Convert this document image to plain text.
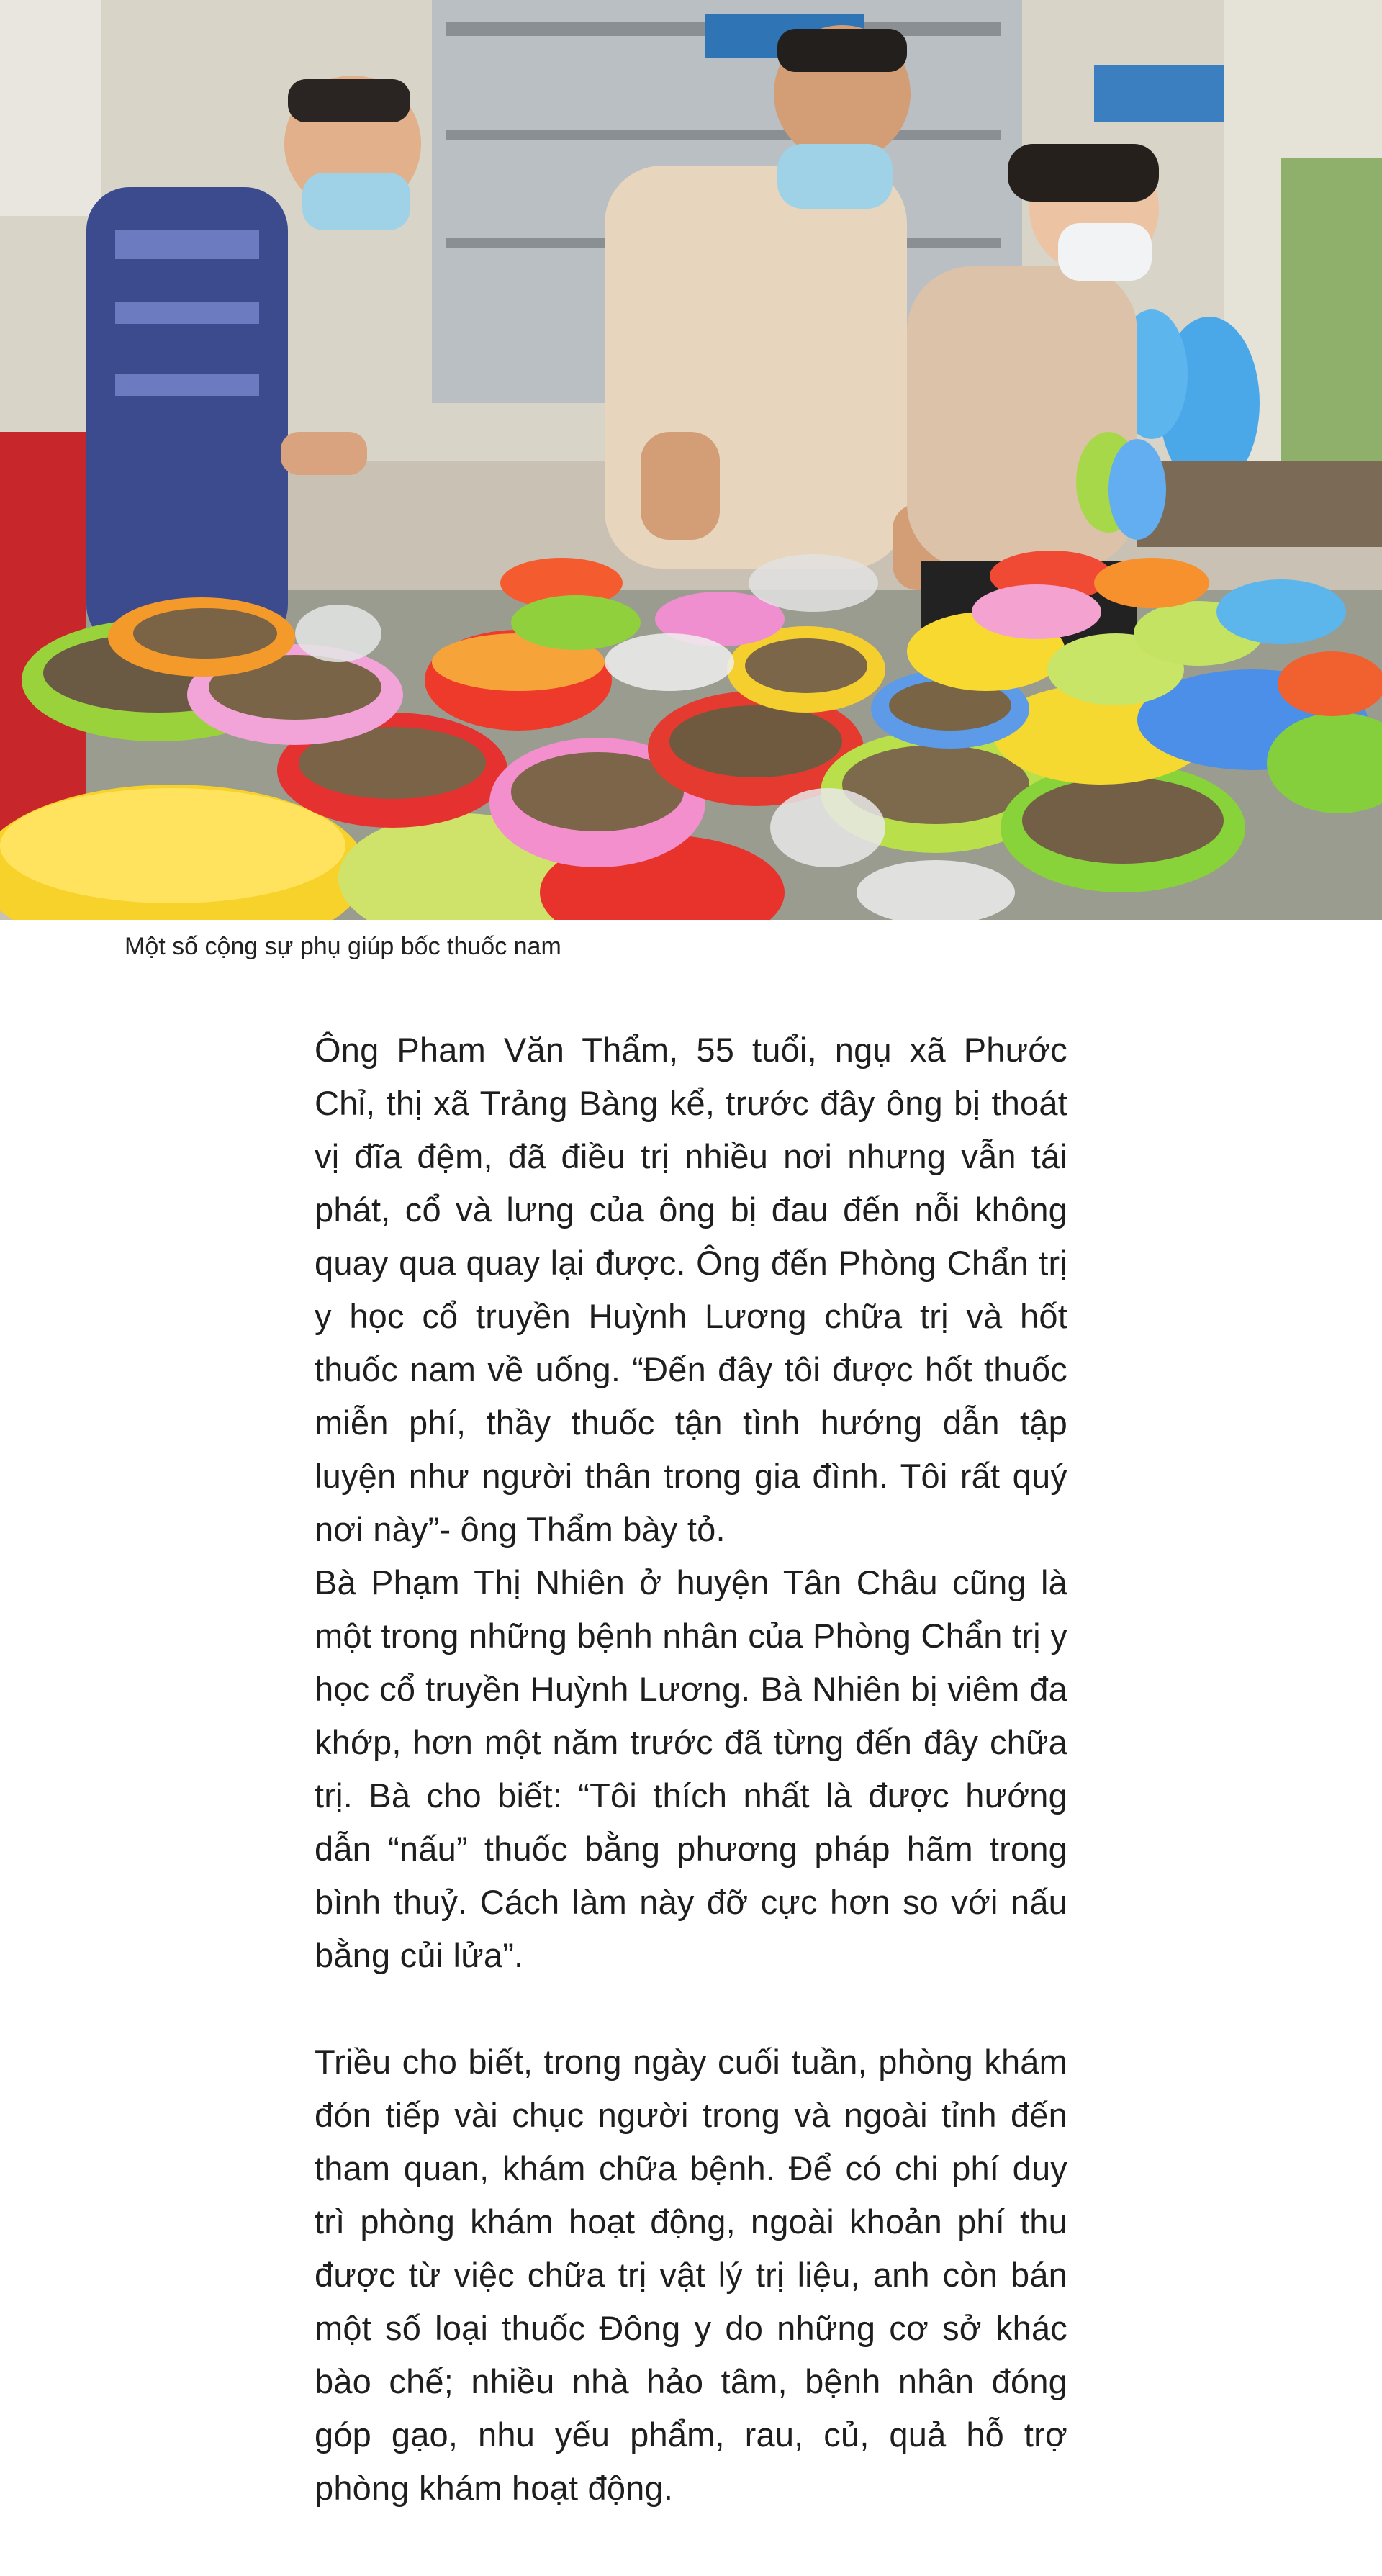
Một số cộng sự phụ giúp bốc thuốc nam

Ông Pham Văn Thẩm, 55 tuổi, ngụ xã Phước Chỉ, thị xã Trảng Bàng kể, trước đây ông bị thoát vị đĩa đệm, đã điều trị nhiều nơi nhưng vẫn tái phát, cổ và lưng của ông bị đau đến nỗi không quay qua quay lại được. Ông đến Phòng Chẩn trị y học cổ truyền Huỳnh Lương chữa trị và hốt thuốc nam về uống. “Đến đây tôi được hốt thuốc miễn phí, thầy thuốc tận tình hướng dẫn tập luyện như người thân trong gia đình. Tôi rất quý nơi này”- ông Thẩm bày tỏ.

Bà Phạm Thị Nhiên ở huyện Tân Châu cũng là một trong những bệnh nhân của Phòng Chẩn trị y học cổ truyền Huỳnh Lương. Bà Nhiên bị viêm đa khớp, hơn một năm trước đã từng đến đây chữa trị. Bà cho biết: “Tôi thích nhất là được hướng dẫn “nấu” thuốc bằng phương pháp hãm trong bình thuỷ. Cách làm này đỡ cực hơn so với nấu bằng củi lửa”.

Triều cho biết, trong ngày cuối tuần, phòng khám đón tiếp vài chục người trong và ngoài tỉnh đến tham quan, khám chữa bệnh. Để có chi phí duy trì phòng khám hoạt động, ngoài khoản phí thu được từ việc chữa trị vật lý trị liệu, anh còn bán một số loại thuốc Đông y do những cơ sở khác bào chế; nhiều nhà hảo tâm, bệnh nhân đóng góp gạo, nhu yếu phẩm, rau, củ, quả hỗ trợ phòng khám hoạt động.
